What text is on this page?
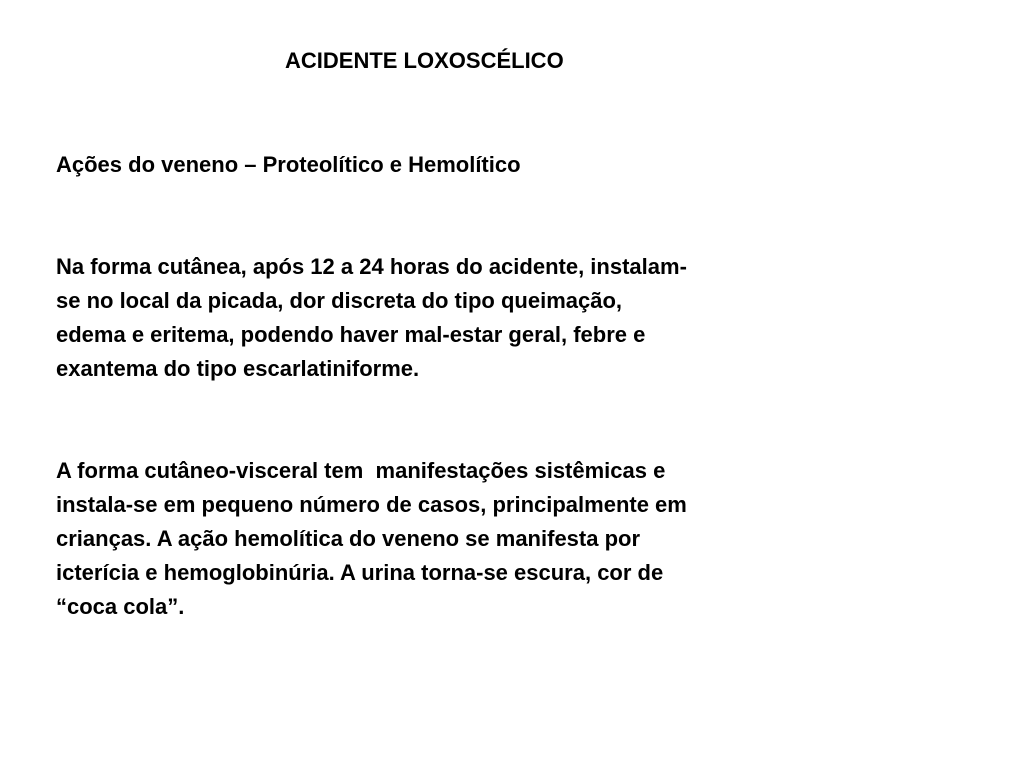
ACIDENTE LOXOSCÉLICO
Ações do veneno – Proteolítico e Hemolítico
Na forma cutânea, após 12 a 24 horas do acidente, instalam-
se no local da picada, dor discreta do tipo queimação,
edema e eritema, podendo haver mal-estar geral, febre e
exantema do tipo escarlatiniforme.
A forma cutâneo-visceral tem  manifestações sistêmicas e
instala-se em pequeno número de casos, principalmente em
crianças. A ação hemolítica do veneno se manifesta por
icterícia e hemoglobinúria. A urina torna-se escura, cor de
“coca cola”.
